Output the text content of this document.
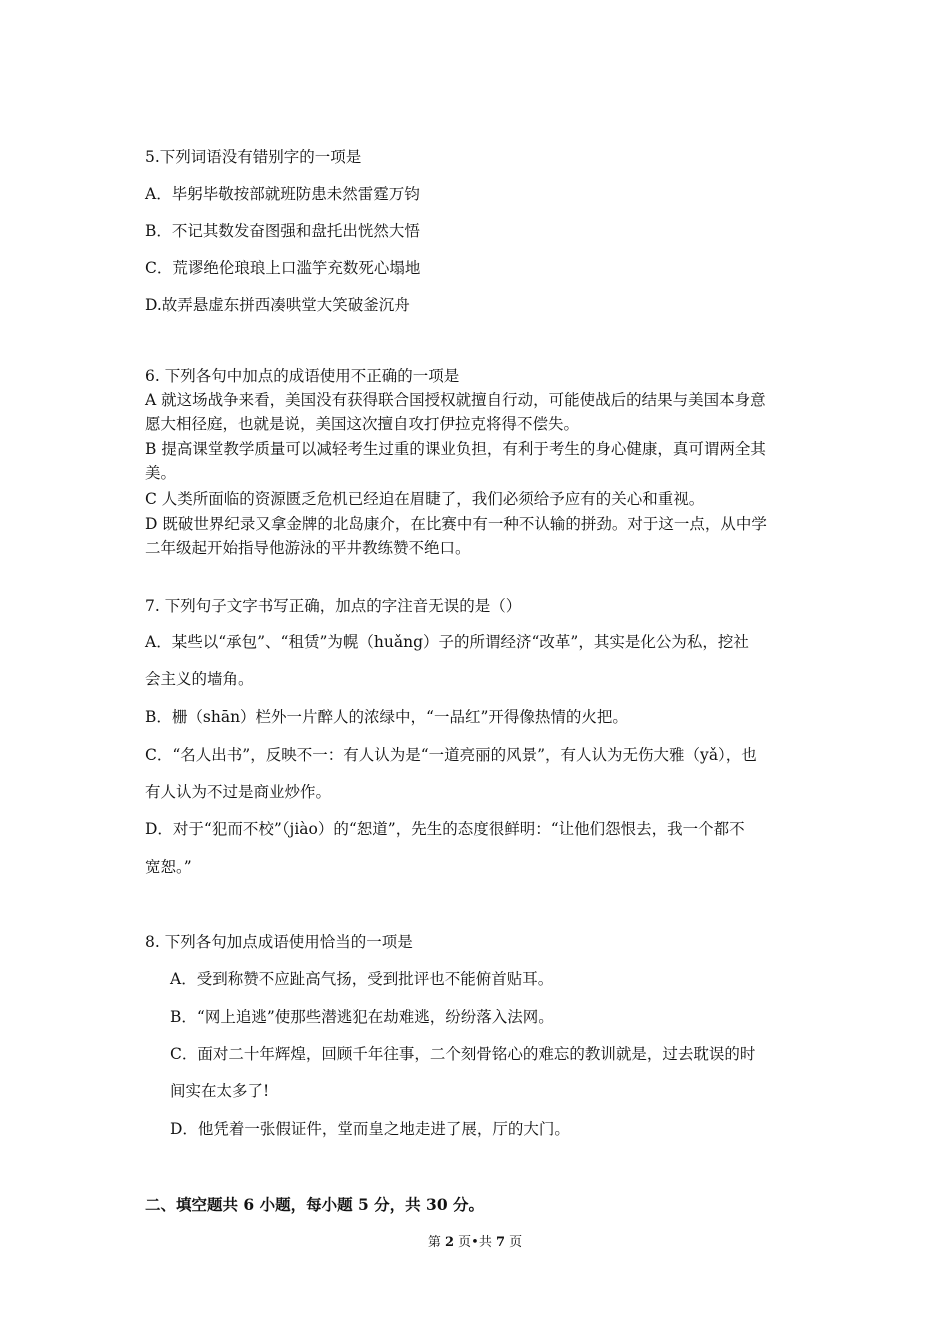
5.下列词语没有错别字的一项是
A．毕躬毕敬按部就班防患未然雷霆万钧
B．不记其数发奋图强和盘托出恍然大悟
C．荒谬绝伦琅琅上口滥竽充数死心塌地
D.故弄悬虚东拼西凑哄堂大笑破釜沉舟
6. 下列各句中加点的成语使用不正确的一项是
A 就这场战争来看，美国没有获得联合国授权就擅自行动，可能使战后的结果与美国本身意
愿大相径庭，也就是说，美国这次擅自攻打伊拉克将得不偿失。
B 提高课堂教学质量可以减轻考生过重的课业负担，有利于考生的身心健康，真可谓两全其
美。
C 人类所面临的资源匮乏危机已经迫在眉睫了，我们必须给予应有的关心和重视。
D 既破世界纪录又拿金牌的北岛康介，在比赛中有一种不认输的拼劲。对于这一点，从中学
二年级起开始指导他游泳的平井教练赞不绝口。
7. 下列句子文字书写正确，加点的字注音无误的是（）
A．某些以“承包”、“租赁”为幌（huǎng）子的所谓经济“改革”，其实是化公为私，挖社
会主义的墙角。
B．栅（shān）栏外一片醉人的浓绿中，“一品红”开得像热情的火把。
C．“名人出书”，反映不一：有人认为是“一道亮丽的风景”，有人认为无伤大雅（yǎ），也
有人认为不过是商业炒作。
D．对于“犯而不校”（jiào）的“恕道”，先生的态度很鲜明：“让他们怨恨去，我一个都不
宽恕。”
8. 下列各句加点成语使用恰当的一项是
A．受到称赞不应趾高气扬，受到批评也不能俯首贴耳。
B．“网上追逃”使那些潜逃犯在劫难逃，纷纷落入法网。
C．面对二十年辉煌，回顾千年往事，二个刻骨铭心的难忘的教训就是，过去耽误的时
间实在太多了!
D．他凭着一张假证件，堂而皇之地走进了展，厅的大门。
二、填空题共 6 小题，每小题 5 分，共 30 分。
第 2 页•共 7 页
